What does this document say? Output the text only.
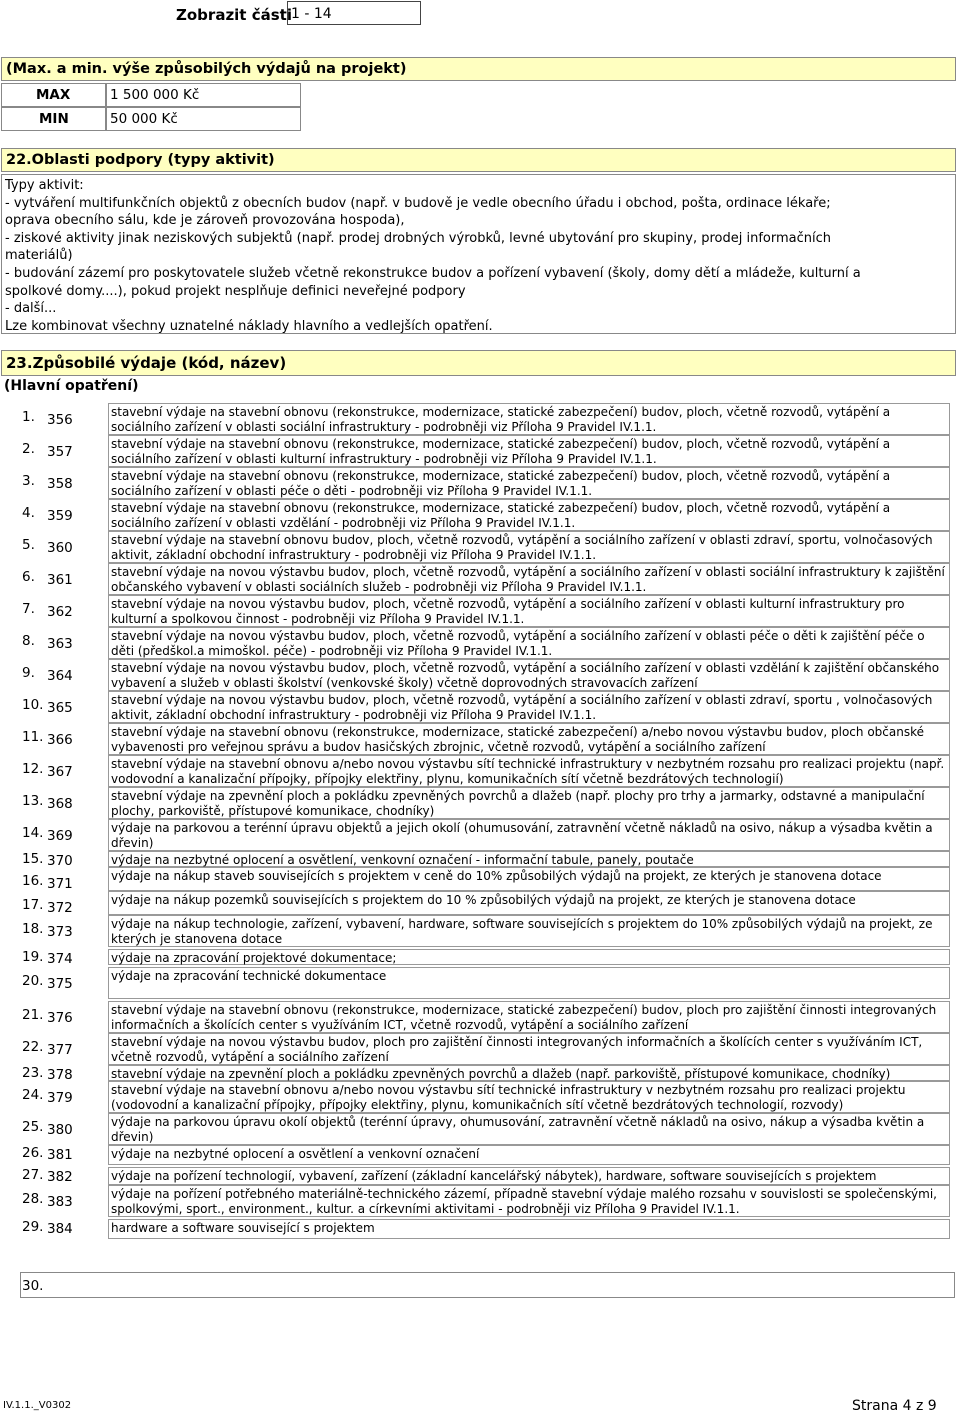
Zobrazit části 1 - 14
(Max. a min. výše způsobilých výdajů na projekt)
MAX	1 500 000 Kč
MIN	50 000 Kč
22.Oblasti podpory (typy aktivit)
Typy aktivit:
- vytváření multifunkčních objektů z obecních budov (např. v budově je vedle obecního úřadu i obchod, pošta, ordinace lékaře;
oprava obecního sálu, kde je zároveň provozována hospoda),
- ziskové aktivity jinak neziskových subjektů (např. prodej drobných výrobků, levné ubytování pro skupiny, prodej informačních
materiálů)
- budování zázemí pro poskytovatele služeb včetně rekonstrukce budov a pořízení vybavení (školy, domy dětí a mládeže, kulturní a
spolkové domy....), pokud projekt nesplňuje definici neveřejné podpory
- další...
Lze kombinovat všechny uznatelné náklady hlavního a vedlejších opatření.
23.Způsobilé výdaje (kód, název)
(Hlavní opatření)
1. 356	stavební výdaje na stavební obnovu (rekonstrukce, modernizace, statické zabezpečení) budov, ploch, včetně rozvodů, vytápění a sociálního zařízení v oblasti sociální infrastruktury - podrobněji viz Příloha 9 Pravidel IV.1.1.
2. 357	stavební výdaje na stavební obnovu (rekonstrukce, modernizace, statické zabezpečení) budov, ploch, včetně rozvodů, vytápění a sociálního zařízení v oblasti kulturní infrastruktury - podrobněji viz Příloha 9 Pravidel IV.1.1.
3. 358	stavební výdaje na stavební obnovu (rekonstrukce, modernizace, statické zabezpečení) budov, ploch, včetně rozvodů, vytápění a sociálního zařízení v oblasti péče o děti - podrobněji viz Příloha 9 Pravidel IV.1.1.
4. 359	stavební výdaje na stavební obnovu (rekonstrukce, modernizace, statické zabezpečení) budov, ploch, včetně rozvodů, vytápění a sociálního zařízení v oblasti vzdělání - podrobněji viz Příloha 9 Pravidel IV.1.1.
5. 360	stavební výdaje na stavební obnovu budov, ploch, včetně rozvodů, vytápění a sociálního zařízení v oblasti zdraví, sportu, volnočasových aktivit, základní obchodní infrastruktury - podrobněji viz Příloha 9 Pravidel IV.1.1.
6. 361	stavební výdaje na novou výstavbu budov, ploch, včetně rozvodů, vytápění a sociálního zařízení v oblasti sociální infrastruktury k zajištění občanského vybavení v oblasti sociálních služeb - podrobněji viz Příloha 9 Pravidel IV.1.1.
7. 362	stavební výdaje na novou výstavbu budov, ploch, včetně rozvodů, vytápění a sociálního zařízení v oblasti kulturní infrastruktury pro kulturní a spolkovou činnost - podrobněji viz Příloha 9 Pravidel IV.1.1.
8. 363	stavební výdaje na novou výstavbu budov, ploch, včetně rozvodů, vytápění a sociálního zařízení v oblasti péče o děti k zajištění péče o děti (předškol.a mimoškol. péče) - podrobněji viz Příloha 9 Pravidel IV.1.1.
9. 364	stavební výdaje na novou výstavbu budov, ploch, včetně rozvodů, vytápění a sociálního zařízení v oblasti vzdělání k zajištění občanského vybavení a služeb v oblasti školství (venkovské školy) včetně doprovodných stravovacích zařízení
10. 365	stavební výdaje na novou výstavbu budov, ploch, včetně rozvodů, vytápění a sociálního zařízení v oblasti zdraví, sportu , volnočasových aktivit, základní obchodní infrastruktury - podrobněji viz Příloha 9 Pravidel IV.1.1.
11. 366	stavební výdaje na stavební obnovu (rekonstrukce, modernizace, statické zabezpečení) a/nebo novou výstavbu budov, ploch občanské vybavenosti pro veřejnou správu a budov hasičských zbrojnic, včetně rozvodů, vytápění a sociálního zařízení
12. 367	stavební výdaje na stavební obnovu a/nebo novou výstavbu sítí technické infrastruktury v nezbytném rozsahu pro realizaci projektu (např. vodovodní a kanalizační přípojky, přípojky elektřiny, plynu, komunikačních sítí včetně bezdrátových technologií)
13. 368	stavební výdaje na zpevnění ploch a pokládku zpevněných povrchů a dlažeb (např. plochy pro trhy a jarmarky, odstavné a manipulační plochy, parkoviště, přístupové komunikace, chodníky)
14. 369	výdaje na parkovou a terénní úpravu objektů a jejich okolí (ohumusování, zatravnění včetně nákladů na osivo, nákup a výsadba květin a dřevin)
15. 370	výdaje na nezbytné oplocení a osvětlení, venkovní označení - informační tabule, panely, poutače
16. 371	výdaje na nákup staveb souvisejících s projektem v ceně do 10% způsobilých výdajů na projekt, ze kterých je stanovena dotace
17. 372	výdaje na nákup pozemků souvisejících s projektem do 10 % způsobilých výdajů na projekt, ze kterých je stanovena dotace
18. 373	výdaje na nákup technologie, zařízení, vybavení, hardware, software souvisejících s projektem do 10% způsobilých výdajů na projekt, ze kterých je stanovena dotace
19. 374	výdaje na zpracování projektové dokumentace;
20. 375	výdaje na zpracování technické dokumentace
21. 376	stavební výdaje na stavební obnovu (rekonstrukce, modernizace, statické zabezpečení) budov, ploch pro zajištění činnosti integrovaných informačních a školících center s využíváním ICT, včetně rozvodů, vytápění a sociálního zařízení
22. 377	stavební výdaje na novou výstavbu budov, ploch pro zajištění činnosti integrovaných informačních a školících center s využíváním ICT, včetně rozvodů, vytápění a sociálního zařízení
23. 378	stavební výdaje na zpevnění ploch a pokládku zpevněných povrchů a dlažeb (např. parkoviště, přístupové komunikace, chodníky)
24. 379	stavební výdaje na stavební obnovu a/nebo novou výstavbu sítí technické infrastruktury v nezbytném rozsahu pro realizaci projektu (vodovodní a kanalizační přípojky, přípojky elektřiny, plynu, komunikačních sítí včetně bezdrátových technologií, rozvody)
25. 380	výdaje na parkovou úpravu okolí objektů (terénní úpravy, ohumusování, zatravnění včetně nákladů na osivo, nákup a výsadba květin a dřevin)
26. 381	výdaje na nezbytné oplocení a osvětlení a venkovní označení
27. 382	výdaje na pořízení technologií, vybavení, zařízení (základní kancelářský nábytek), hardware, software souvisejících s projektem
28. 383	výdaje na pořízení potřebného materiálně-technického zázemí, případně stavební výdaje malého rozsahu v souvislosti se společenskými, spolkovými, sport., environment., kultur. a církevními aktivitami - podrobněji viz Příloha 9 Pravidel IV.1.1.
29. 384	hardware a software související s projektem
30.
IV.1.1._V0302	Strana 4 z 9
